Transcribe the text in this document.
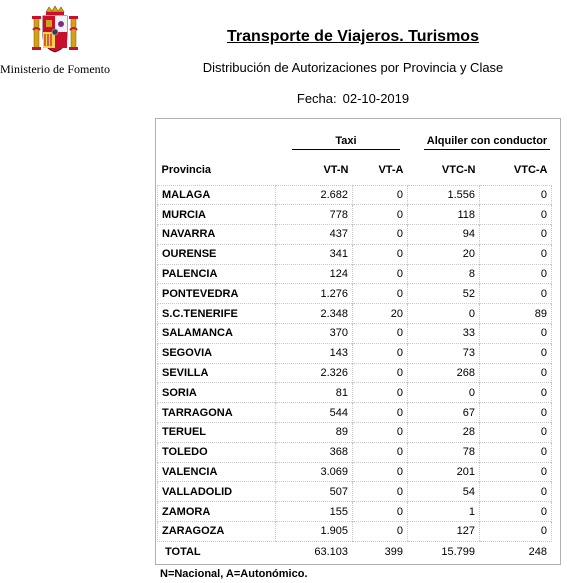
Ministerio de Fomento
Transporte de Viajeros. Turismos
Distribución de Autorizaciones por Provincia y Clase
Fecha: 02-10-2019
Taxi	Alquiler con conductor
Provincia	VT-N	VT-A	VTC-N	VTC-A

MALAGA	2.682	0	1.556	0
MURCIA	778	0	118	0
NAVARRA	437	0	94	0
OURENSE	341	0	20	0
PALENCIA	124	0	8	0
PONTEVEDRA	1.276	0	52	0
S.C.TENERIFE	2.348	20	0	89
SALAMANCA	370	0	33	0
SEGOVIA	143	0	73	0
SEVILLA	2.326	0	268	0
SORIA	81	0	0	0
TARRAGONA	544	0	67	0
TERUEL	89	0	28	0
TOLEDO	368	0	78	0
VALENCIA	3.069	0	201	0
VALLADOLID	507	0	54	0
ZAMORA	155	0	1	0
ZARAGOZA	1.905	0	127	0
TOTAL	63.103	399	15.799	248
N=Nacional, A=Autonómico.
